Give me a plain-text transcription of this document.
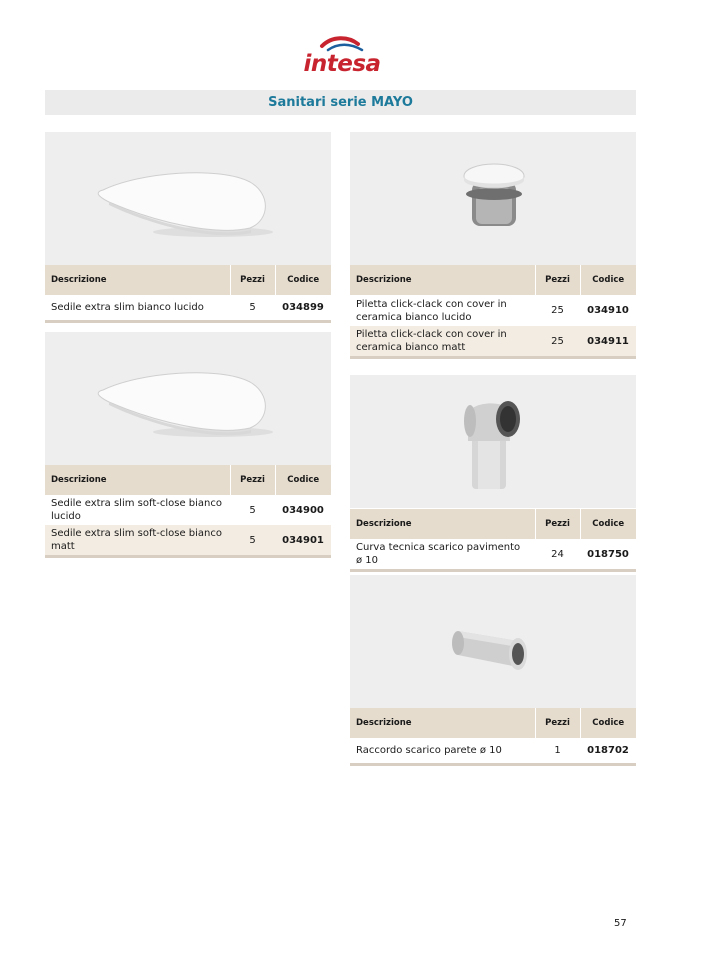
intesa
Sanitari serie MAYO
Descrizione	Pezzi	Codice
Sedile extra slim bianco lucido	5	034899
Descrizione	Pezzi	Codice
Sedile extra slim soft-close bianco lucido	5	034900
Sedile extra slim soft-close bianco matt	5	034901
Descrizione	Pezzi	Codice
Piletta click-clack con cover in ceramica bianco lucido	25	034910
Piletta click-clack con cover in ceramica bianco matt	25	034911
Descrizione	Pezzi	Codice
Curva tecnica scarico pavimento ø 10	24	018750
Descrizione	Pezzi	Codice
Raccordo scarico parete ø 10	1	018702
57
